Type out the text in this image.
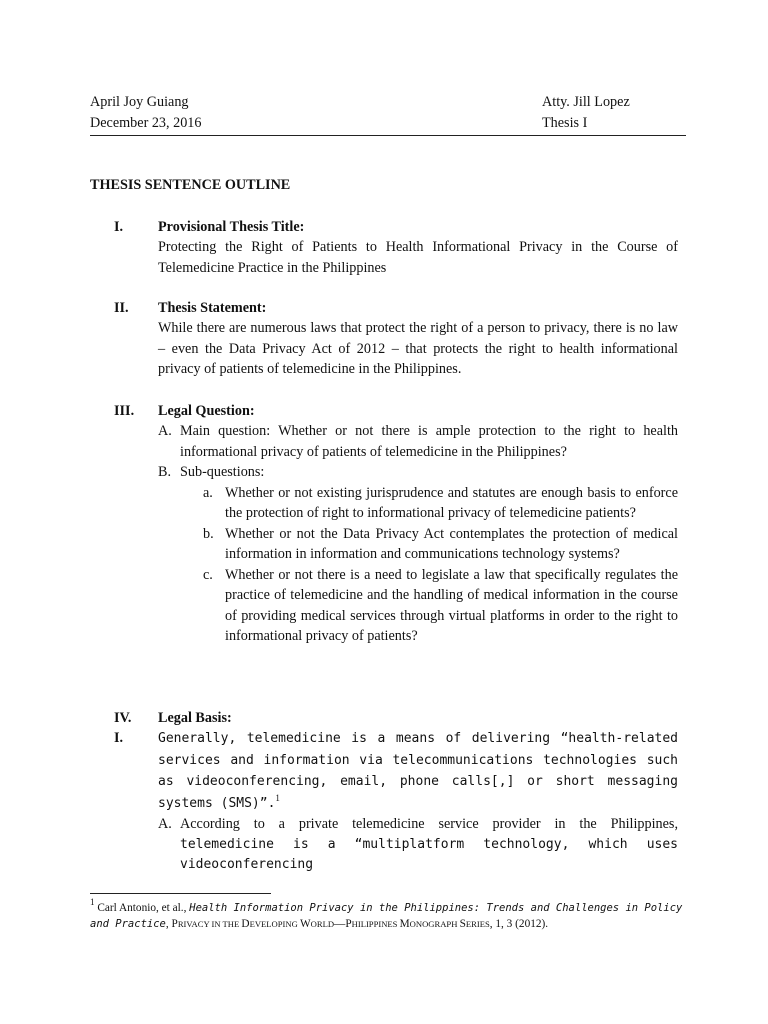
April Joy Guiang	Atty. Jill Lopez
December 23, 2016	Thesis I
THESIS SENTENCE OUTLINE
I. Provisional Thesis Title:

Protecting the Right of Patients to Health Informational Privacy in the Course of Telemedicine Practice in the Philippines

II. Thesis Statement:

While there are numerous laws that protect the right of a person to privacy, there is no law – even the Data Privacy Act of 2012 – that protects the right to health informational privacy of patients of telemedicine in the Philippines.

III. Legal Question:
A. Main question: Whether or not there is ample protection to the right to health informational privacy of patients of telemedicine in the Philippines?
B. Sub-questions:
a. Whether or not existing jurisprudence and statutes are enough basis to enforce the protection of right to informational privacy of telemedicine patients?
b. Whether or not the Data Privacy Act contemplates the protection of medical information in information and communications technology systems?
c. Whether or not there is a need to legislate a law that specifically regulates the practice of telemedicine and the handling of medical information in the course of providing medical services through virtual platforms in order to the right to informational privacy of patients?
IV.
I.
Legal Basis:

Generally, telemedicine is a means of delivering “health-related services and information via telecommunications technologies such as videoconferencing, email, phone calls[,] or short messaging systems (SMS)”.$^1$

A. According to a private telemedicine service provider in the Philippines,
telemedicine is a “multiplatform technology, which uses videoconferencing
$^1$ Carl Antonio, et al., Health Information Privacy in the Philippines: Trends and Challenges in Policy and Practice, PRIVACY IN THE DEVELOPING WORLD—PHILIPPINES MONOGRAPH SERIES, 1, 3 (2012).
